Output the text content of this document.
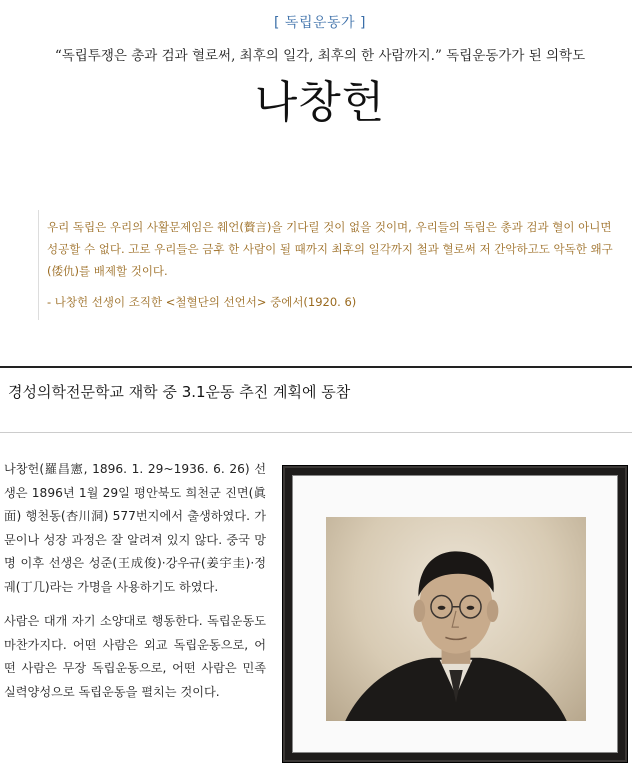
[ 독립운동가 ]
“독립투쟁은 총과 검과 혈로써, 최후의 일각, 최후의 한 사람까지.” 독립운동가가 된 의학도
나창헌
우리 독립은 우리의 사활문제임은 췌언(贅言)을 기다릴 것이 없을 것이며, 우리들의 독립은 총과 검과 혈이 아니면 성공할 수 없다. 고로 우리들은 금후 한 사람이 될 때까지 최후의 일각까지 철과 혈로써 저 간악하고도 악독한 왜구(倭仇)를 배제할 것이다.
- 나창헌 선생이 조직한 <철혈단의 선언서> 중에서(1920. 6)
경성의학전문학교 재학 중 3.1운동 추진 계획에 동참

나창헌(羅昌憲, 1896. 1. 29~1936. 6. 26) 선생은 1896년 1월 29일 평안북도 희천군 진면(眞面) 행천동(杏川洞) 577번지에서 출생하였다. 가문이나 성장 과정은 잘 알려져 있지 않다. 중국 망명 이후 선생은 성준(王成俊)·강우규(姜宇圭)·정궤(丁几)라는 가명을 사용하기도 하였다.

사람은 대개 자기 소양대로 행동한다. 독립운동도 마찬가지다. 어떤 사람은 외교 독립운동으로, 어떤 사람은 무장 독립운동으로, 어떤 사람은 민족 실력양성으로 독립운동을 펼치는 것이다.
